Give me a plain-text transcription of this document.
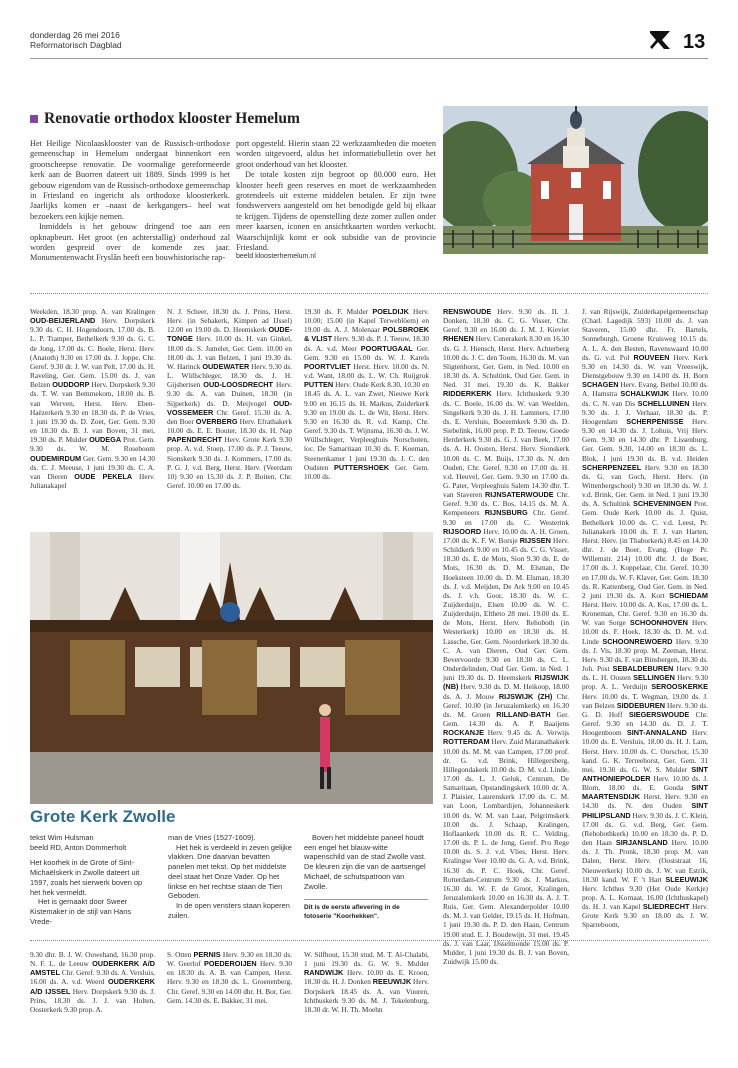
donderdag 26 mei 2016
Reformatorisch Dagblad	13
Renovatie orthodox klooster Hemelum

Het Heilige Nicolaasklooster van de Russisch-orthodoxe gemeenschap in Hemelum ondergaat binnenkort een grootscheepse renovatie. De voormalige gereformeerde kerk aan de Buorren dateert uit 1889. Sinds 1999 is het gebouw eigendom van de Russisch-orthodoxe gemeenschap in Friesland en ingericht als orthodoxe kloosterkerk. Jaarlijks komen er –naast de kerkgangers– heel wat bezoekers een kijkje nemen.

Inmiddels is het gebouw dringend toe aan een opknapbeurt. Het groot (en achterstallig) onderhoud zal worden gespreid over de komende zes jaar. Monumentenwacht Fryslân heeft een bouwhistorische rap-

port opgesteld. Hierin staan 22 werkzaamheden die moeten worden uitgevoerd, aldus het informatiebulletin over het groot onderhoud van het klooster.

De totale kosten zijn begroot op 80.000 euro. Het klooster heeft geen reserves en moet de werkzaamheden grotendeels uit externe middelen betalen. Er zijn twee fondswervers aangesteld om het benodigde geld bij elkaar te krijgen. Tijdens de openstelling deze zomer zullen onder meer kaarsen, iconen en ansichtkaarten worden verkocht. Waarschijnlijk komt er ook subsidie van de provincie Friesland.

beeld kloosterhemelum.nl

Weekden, 18.30 prop. A. van Kralingen OUD-BEIJERLAND Herv. Dorpskerk 9.30 ds. C. H. Hogendoorn, 17.00 ds. B. L. P. Tramper, Bethelkerk 9.30 ds. G. C. de Jong, 17.00 ds. C. Boele, Herst. Herv. (Anatoth) 9.30 en 17.00 ds. J. Joppe, Chr. Geref. 9.30 dr. J. W. van Pelt, 17.00 ds. H. Raveling, Ger. Gem. 15.00 ds. J. van Belzen OUDDORP Herv. Dorpskerk 9.30 ds. T. W. van Bemmekom, 18.00 ds. B. van Werven, Herst. Herv. Eben-Haëzerkerk 9.30 en 18.30 ds. P. de Vries, 1 juni 19.30 ds. D. Zoet, Ger. Gem. 9.30 en 18.30 ds. B. J. van Boven, 31 mei, 19.30 ds. P. Mulder OUDEGA Prot. Gem. 9.30 ds. W. M. Roseboom OUDEMIRDUM Ger. Gem. 9.30 en 14.30 ds. C. J. Meeuse, 1 juni 19.30 ds. C. A. van Dieren OUDE PEKELA Herv. Julianakapel
N. J. Scheer, 18.30 ds. J. Prins, Herst. Herv. (in Sehakerk, Kimpen ad IJssel) 12.00 en 19.00 ds. D. Heemskerk OUDE-TONGE Herv. 10.00 ds. H. van Ginkel, 18.00 ds. S. Jumelet, Ger. Gem. 10.00 en 18.00 ds. J. van Belzen, 1 juni 19.30 ds. W. Harinck OUDEWATER Herv. 9.30 ds. L. Wüllschleger, 18.30 ds. J. H. Gijsbertsen OUD-LOOSDRECHT Herv. 9.30 ds. A. van Duinen, 18.30 (in Sijperkerk) ds. D. Meijvogel OUD-VOSSEMEER Chr. Geref. 15.30 ds. A. den Boer OVERBERG Herv. Efrathakerk 10.00 ds. E. E. Bouter, 18.30 ds. H. Nap PAPENDRECHT Herv. Grote Kerk 9.30 prop. A. v.d. Stoep, 17.00 ds. P. J. Teeuw, Sionskerk 9.30 ds. J. Kommers, 17.00 ds. P. G. J. v.d. Berg, Herst. Herv. (Veerdam 10) 9.30 en 15.30 ds. J. P. Boiten, Chr. Geref. 10.00 en 17.00 ds.
19.30 ds. F. Mulder POELDIJK Herv. 10.00; 15.00 (in Kapel Terweblöem) en 19.00 ds. A. J. Molenaar POLSBROEK & VLIST Herv. 9.30 ds. P. J. Teeuw, 18.30 ds. A. v.d. Meer POORTUGAAL Ger. Gem. 9.30 en 15.00 ds. W. J. Karels POORTVLIET Herst. Herv. 10.00 ds. N. v.d. Want, 18.00 ds. L. W. Ch. Ruijgrok PUTTEN Herv. Oude Kerk 8.30, 10.30 en 18.45 ds. A. L. van Zwet, Nieuwe Kerk 9.00 en 16.15 ds. H. Markus, Zuiderkerk 9.30 en 19.00 ds. L. de Wit, Herst. Herv. 9.30 en 16.30 ds. R. v.d. Kamp, Chr. Geref. 9.30 ds. T. Wijnsma, 16.30 ds. J. W. Wüllschleger, Verpleeghuis Norschoten, loc. De Samaritaan 10.30 ds. F. Koeman, Steenenkamer 1 juni 19.30 ds. J. C. den Oudsten PUTTERSHOEK Ger. Gem. 10.00 ds.
RENSWOUDE Herv. 9.30 ds. II. J. Donken, 18.30 ds. C. G. Visser, Chr. Geref. 9.30 en 16.00 ds. J. M. J. Kieviet RHENEN Herv. Cunerakerk 8.30 en 16.30 ds. G. J. Hiensch, Herst. Herv. Achterberg 10.00 ds. J. C. den Toom, 16.30 ds. M. van Sligtenhorst, Ger. Gem. in Ned. 10.00 en 18.30 ds. A. Schultink, Oud Ger. Gem. in Ned. 31 mei. 19.30 ds. K. Bakker RIDDERKERK Herv. Ichthuskerk 9.30 ds. C. Boele, 16.00 ds. W. van Weelden, Singelkerk 9.30 ds. J. H. Lammers, 17.00 ds. E. Versluis, Boezemkerk 9.30 ds. D. Siebelink, 16.00 prop. P. D. Teeuw, Goede Herderkerk 9.30 ds. G. J. van Beek, 17.00 ds. A. H. Oosten, Herst. Herv. Sionskerk 10.00 ds. C. M. Buijs, 17.30 ds. N. den Ouden, Chr. Geref. 9.30 en 17.00 ds. H. v.d. Heuvel, Ger. Gem. 9.30 en 17.00 ds. G. Pater, Verpleeghuis Salem 14.30 dhr. T. van Staveren RIJNSATERWOUDE Chr. Geref. 9.30 ds. C. Bos, 14.15 ds. M. A. Kempeneers RIJNSBURG Chr. Geref. 9.30 en 17.00 ds. C. Westerink RIJSOORD Herv. 10.00 ds. A. H. Groen, 17.00 ds. K. F. W. Borsje RIJSSEN Herv. Schildkerk 9.00 en 10.45 ds. C. G. Visser, 18.30 ds. E. de Mots, Sion 9.30 ds. E. de Mots, 16.30 ds. D. M. Elsman, De Hoeksteen 10.00 ds. D. M. Elsman, 18.30 ds. J. v.d. Meijden, De Ark 9.00 en 10.45 ds. J. v.h. Goor, 18.30 ds. W. C. Zuijderduijn, Elsen 10.00 ds. W. C. Zuijderduijn, Eltheto 28 mei. 19.00 ds. E. de Mots, Herst. Herv. Rehoboth (in Westerkerk) 10.00 en 18.30 ds. H. Lassche, Ger. Gem. Noorderkerk 18.30 ds. C. A. van Dieren, Oud Ger. Gem. Bevervoorde 9.30 en 18.30 ds. C. L. Onderdelinden, Oud Ger. Gem. in Ned. 1 juni 19.30 ds. D. Heemskerk RIJSWIJK (NB) Herv. 9.30 ds. D. M. Heikoop, 18.00 ds. A. J. Mouw RIJSWIJK (ZH) Chr. Geref. 10.00 (in Jeruzalemkerk) en 16.30 ds. M. Groen RILLAND-BATH Ger. Gem. 14.30 ds. A. P. Baaijens ROCKANJE Herv. 9.45 ds. A. Verwijs ROTTERDAM Herv. Zuid Maranathakerk 10.00 ds. M. M. van Campen, 17.00 prof. dr. G. v.d. Brink, Hillegersberg, Hillegondakerk 10.00 ds. D. M. v.d. Linde, 17.00 ds. L. J. Geluk, Centrum, De Samaritaan, Opstandingskerk 10.00 dr. A. J. Plaisier, Laurenskerk 17.00 ds. C. M. van Loon, Lombardijen, Johanneskerk 10.00 ds. W. M. van Laar, Pelgrimskerk 10.00 ds. J. Schaap, Kralingen, Hoflaankerk 10.00 ds. R. C. Velding, 17.00 ds. P. L. de Jong, Geref. Pro Rege 10.00 ds. S. J. v.d. Vlies, Herst. Herv. Kralingse Veer 10.00 ds. G. A. v.d. Brink, 16.30 ds. P. C. Hoek, Chr. Geref. Rotterdam-Centrum 9.30 ds. J. Markus, 16.30 ds. W. F. de Groot, Kralingen, Jeruzalemkerk 10.00 en 16.30 ds. A. J. T. Ruis, Ger. Gem. Alexanderpolder 10.00 ds. M. J. van Gelder, 19.15 ds. H. Hofman, 1 juni 19.30 ds. P. D. den Haan, Centrum 19.00 stud. E. J. Boudewijn, 31 mei. 19.45 ds. J. van Laar, IJsselmonde 15.00 ds. P. Mulder, 1 juni 19.30 ds. B. J. van Boven, Zuidwijk 15.00 ds.
J. van Rijswijk, Zuiderkapelgemeenschap (Charl. Lagedijk 593) 10.00 ds. J. van Staveren, 15.00 dhr. Fr. Bartels, Sonneburgh, Groene Kruisweg 10.15 ds. A. L. A. den Besten, Ravenswaard 10.00 ds. G. v.d. Pol ROUVEEN Herv. Kerk 9.30 en 14.30 ds. W. van Vreeswijk, Dienstgebouw 9.30 en 14.00 ds. H. Born SCHAGEN Herv. Evang. Bethel 10.00 ds. A. Hamstra SCHALKWIJK Herv. 10.00 ds. C. N. van Dis SCHELLUINEN Herv. 9.30 ds. J. J. Verhaar, 18.30 ds. P. Hoogendam SCHERPENISSE Herv. 9.30 en 14.30 ds. J. Lohuis, Vrij Herv. Gem. 9.30 en 14.30 dhr. P. Lissenburg, Ger. Gem. 9.30, 14.00 en 18.30 ds. L. Blok, 1 juni 19.30 ds. B. v.d. Heiden SCHERPENZEEL Herv. 9.30 en 18.30 ds. G. van Goch, Herst. Herv. (in Wittenbergschool) 9.30 en 18.30 ds. W. J. v.d. Brink, Ger. Gem. in Ned. 1 juni 19.30 ds. A. Schultink SCHEVENINGEN Prot. Gem. Oude Kerk 10.00 ds. J. Quist, Bethelkerk 10.00 ds. C. v.d. Leest, Pr. Julianakerk 10.00 ds. F. J. van Harten, Herst. Herv. (in Thaborkerk) 8.45 en 14.30 dhr. J. de Boer, Evang. (Hoge Pr. Willemstr. 214) 10.00 dhr. J. de Boer, 17.00 ds. J. Koppelaar, Chr. Geref. 10.30 en 17.00 ds. W. F. Klaver, Ger. Gem. 18.30 ds. R. Kattenberg, Oud Ger. Gem. in Ned. 2 juni 19.30 ds. A. Kort SCHIEDAM Herst. Herv. 10.00 ds. A. Kos, 17.00 ds. L. Kroneman, Chr. Geref. 9.30 en 16.30 ds. W. van Sorge SCHOONHOVEN Herv. 10.00 ds. F. Hoek, 18.30 ds. D. M. v.d. Linde SCHOONREWOERD Herv. 9.30 ds. J. Vis, 18.30 prop. M. Zeeman, Herst. Herv. 9.30 ds. F. van Binsbergen, 18.30 ds. Joh. Post SEBALDEBUREN Herv. 9.30 ds. L. H. Oosten SELLINGEN Herv. 9.30 prop. A. L. Verduijn SEROOSKERKE Herv. 10.00 ds. T. Wegman, 19.00 ds. J. van Belzen SIDDEBUREN Herv. 9.30 ds. G. D. Hoff SIEGERSWOUDE Chr. Geref. 9.30 en 14.30 ds. D. J. T. Hoogenboom SINT-ANNALAND Herv. 10.00 ds. E. Versluis, 18.00 ds. H. J. Lam, Herst. Herv. 10.00 ds. C. Oorschot, 15.30 kand. G. K. Terreehorst, Ger. Gem. 31 mei. 19.30 ds. G. W. S. Mulder SINT ANTHONIEPOLDER Herv. 10.00 ds. J. Blom, 18.00 ds. E. Gouda SINT MAARTENSDIJK Herst. Herv. 9.30 en 14.30 ds. N. den Ouden SINT PHILIPSLAND Herv. 9.30 ds. J. C. Klein, 17.00 ds. G. v.d. Berg, Ger. Gem. (Rehobothkerk) 10.00 en 18.30 ds. P. D. den Haan SIRJANSLAND Herv. 10.00 ds. J. Th. Pronk, 18.30 prop. M. van Dalen, Herst. Herv. (Ooststraat 16, Nieuwerkerk) 10.00 ds. J. W. van Estrik, 18.30 kand. W. F. 't Hart SLEEUWIJK Herv. Ichthus 9.30 (Het Oude Kerkje) prop. A. L. Kornaat, 16.00 (Ichthuskapel) ds. H. J. van Kapel SLIEDRECHT Herv. Grote Kerk 9.30 en 18.00 ds. J. W. Sparreboom,
Grote Kerk Zwolle

tekst Wim Hulsman

beeld RD, Anton Dommerholt

Het koorhek in de Grote of Sint-Michaëlskerk in Zwolle dateert uit 1597, zoals het sierwerk boven op het hek vermeldt.

Het is gemaakt door Sweer Kistemaker in de stijl van Hans Vrede-

man de Vries (1527-1609).

Het hek is verdeeld in zeven gelijke vlakken. Drie daarvan bevatten panelen met tekst. Op het middelste deel staat het Onze Vader. Op het linkse en het rechtse staan de Tien Geboden.

In de open vensters staan koperen zuilen.

Boven het middelste paneel houdt een engel het blauw-witte wapenschild van de stad Zwolle vast. De kleuren zijn die van de aartsengel Michaël, de schutspatroon van Zwolle.

Dit is de eerste aflevering in de fotoserie "Koorhekken".
9.30 dhr. B. J. W. Ouwehand, 16.30 prop. N. F. L. de Leeuw OUDERKERK A/D AMSTEL Chr. Geref. 9.30 ds. A. Versluis, 16.00 ds. A. v.d. Weerd OUDERKERK A/D IJSSEL Herv. Dorpskerk 9.30 ds. J. Prins, 18.30 ds. J. J. van Holten, Oosterkerk 9.30 prop. A.
S. Otten PERNIS Herv. 9.30 en 18.30 ds. W. Geerlof POEDEROIJEN Herv. 9.30 en 18.30 ds. A. B. van Campen, Herst. Herv. 9.30 en 18.30 ds. L. Groenenberg, Chr. Geref. 9.30 en 14.00 dhr. H. Bor, Ger. Gem. 14.30 ds. E. Bakker, 31 mei.
W. Silfhout, 15.30 stud. M. T. Al-Chalabi, 1 juni 19.30 ds. G. W. S. Mulder RANDWIJK Herv. 10.00 ds. E. Kroon, 18.30 ds. H. J. Donken REEUWIJK Herv. Dorpskerk 18.45 ds. A. van Vuuren, Ichthuskerk 9.30 ds. M. J. Tekelenburg, 18.30 dr. W. H. Th. Moehn
